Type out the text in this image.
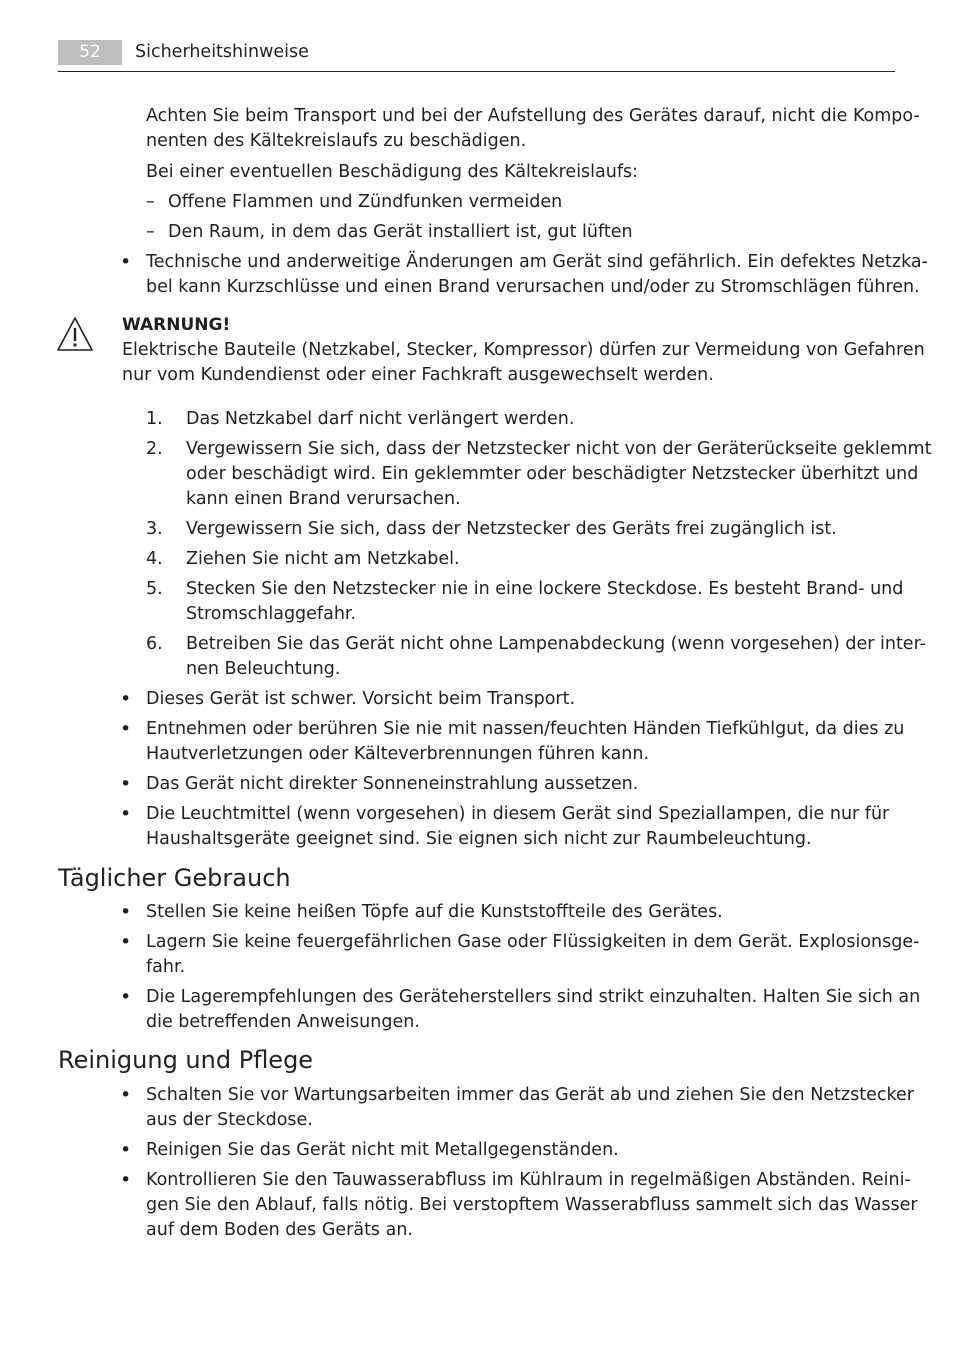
52	Sicherheitshinweise
Achten Sie beim Transport und bei der Aufstellung des Gerätes darauf, nicht die Kompo-
nenten des Kältekreislaufs zu beschädigen.
Bei einer eventuellen Beschädigung des Kältekreislaufs:
– Offene Flammen und Zündfunken vermeiden
– Den Raum, in dem das Gerät installiert ist, gut lüften
• Technische und anderweitige Änderungen am Gerät sind gefährlich. Ein defektes Netzka-
bel kann Kurzschlüsse und einen Brand verursachen und/oder zu Stromschlägen führen.
WARNUNG!
Elektrische Bauteile (Netzkabel, Stecker, Kompressor) dürfen zur Vermeidung von Gefahren
nur vom Kundendienst oder einer Fachkraft ausgewechselt werden.
1. Das Netzkabel darf nicht verlängert werden.
2. Vergewissern Sie sich, dass der Netzstecker nicht von der Geräterückseite geklemmt
oder beschädigt wird. Ein geklemmter oder beschädigter Netzstecker überhitzt und
kann einen Brand verursachen.
3. Vergewissern Sie sich, dass der Netzstecker des Geräts frei zugänglich ist.
4. Ziehen Sie nicht am Netzkabel.
5. Stecken Sie den Netzstecker nie in eine lockere Steckdose. Es besteht Brand- und
Stromschlaggefahr.
6. Betreiben Sie das Gerät nicht ohne Lampenabdeckung (wenn vorgesehen) der inter-
nen Beleuchtung.
• Dieses Gerät ist schwer. Vorsicht beim Transport.
• Entnehmen oder berühren Sie nie mit nassen/feuchten Händen Tiefkühlgut, da dies zu
Hautverletzungen oder Kälteverbrennungen führen kann.
• Das Gerät nicht direkter Sonneneinstrahlung aussetzen.
• Die Leuchtmittel (wenn vorgesehen) in diesem Gerät sind Speziallampen, die nur für
Haushaltsgeräte geeignet sind. Sie eignen sich nicht zur Raumbeleuchtung.
Täglicher Gebrauch
• Stellen Sie keine heißen Töpfe auf die Kunststoffteile des Gerätes.
• Lagern Sie keine feuergefährlichen Gase oder Flüssigkeiten in dem Gerät. Explosionsge-
fahr.
• Die Lagerempfehlungen des Geräteherstellers sind strikt einzuhalten. Halten Sie sich an
die betreffenden Anweisungen.
Reinigung und Pflege
• Schalten Sie vor Wartungsarbeiten immer das Gerät ab und ziehen Sie den Netzstecker
aus der Steckdose.
• Reinigen Sie das Gerät nicht mit Metallgegenständen.
• Kontrollieren Sie den Tauwasserabfluss im Kühlraum in regelmäßigen Abständen. Reini-
gen Sie den Ablauf, falls nötig. Bei verstopftem Wasserabfluss sammelt sich das Wasser
auf dem Boden des Geräts an.
